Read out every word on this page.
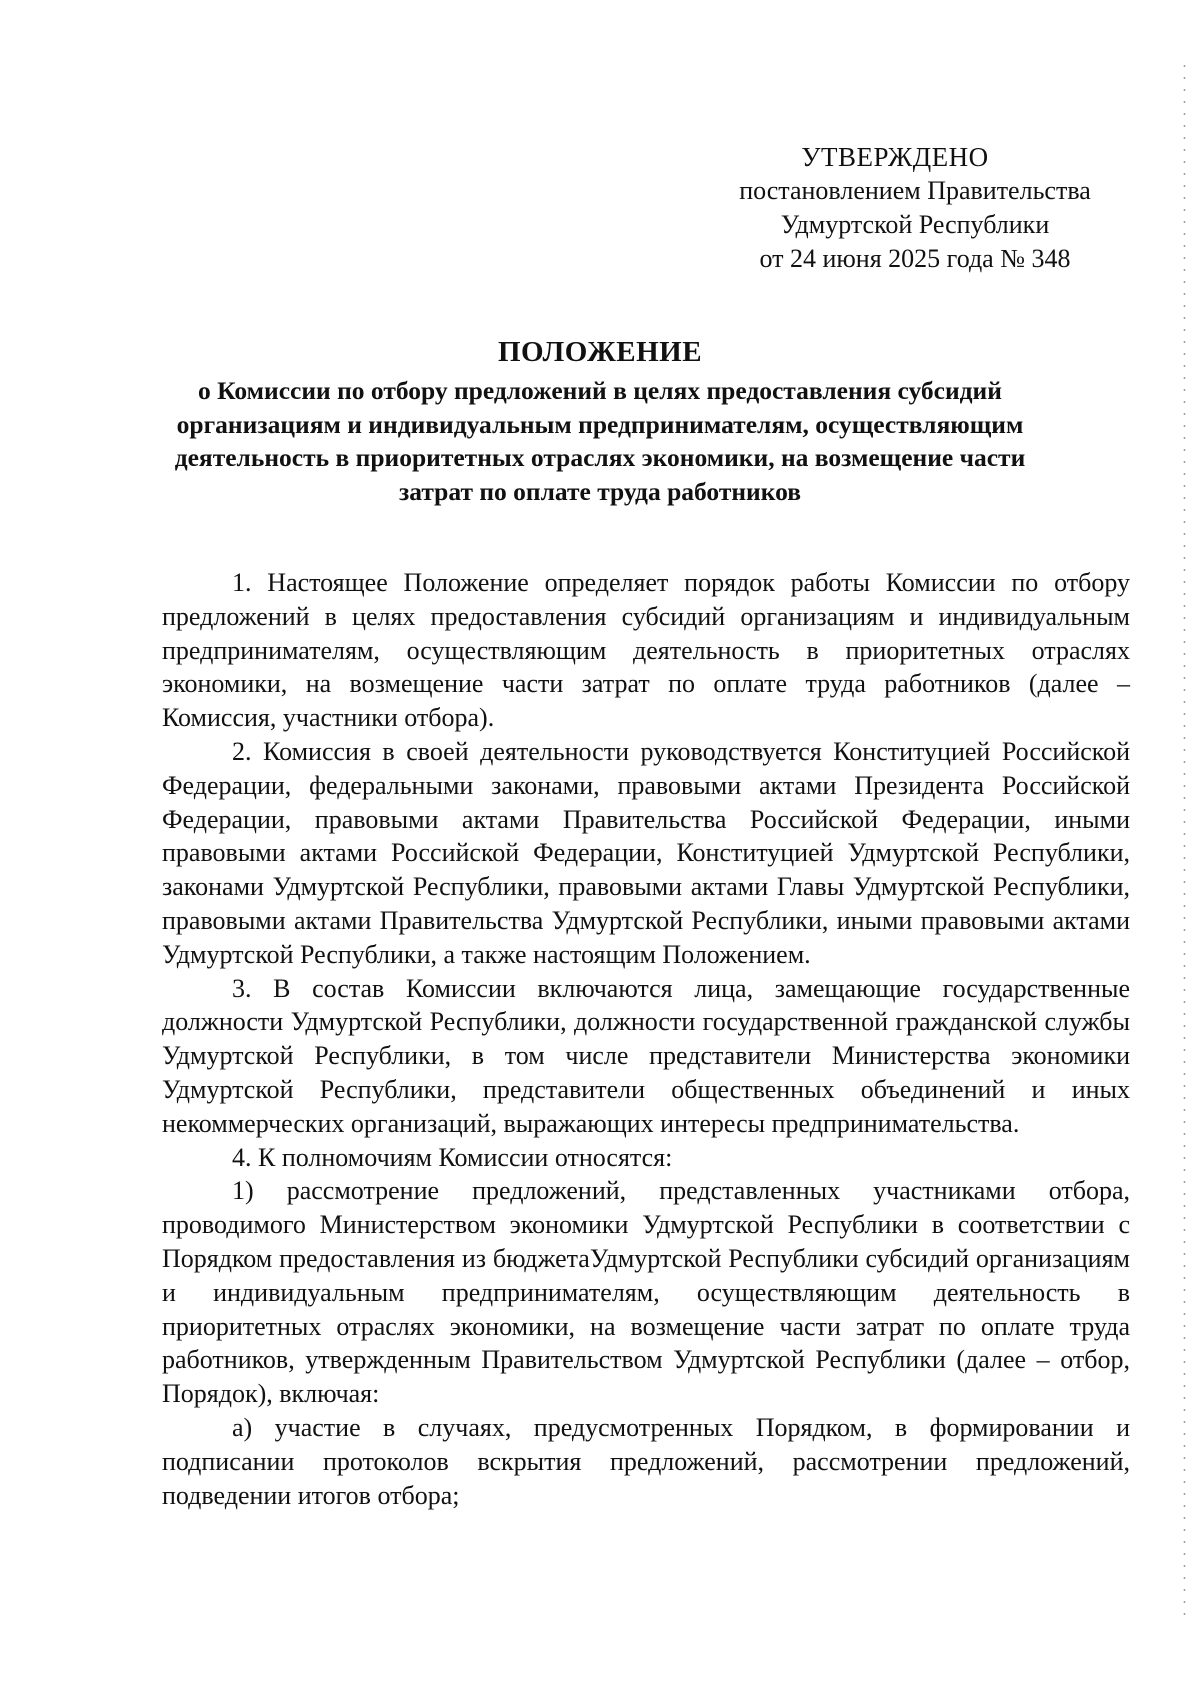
УТВЕРЖДЕНО
постановлением Правительства
Удмуртской Республики
от 24 июня 2025 года № 348
ПОЛОЖЕНИЕ
о Комиссии по отбору предложений в целях предоставления субсидий организациям и индивидуальным предпринимателям, осуществляющим деятельность в приоритетных отраслях экономики, на возмещение части затрат по оплате труда работников

1. Настоящее Положение определяет порядок работы Комиссии по отбору предложений в целях предоставления субсидий организациям и индивидуальным предпринимателям, осуществляющим деятельность в приоритетных отраслях экономики, на возмещение части затрат по оплате труда работников (далее – Комиссия, участники отбора).

2. Комиссия в своей деятельности руководствуется Конституцией Российской Федерации, федеральными законами, правовыми актами Президента Российской Федерации, правовыми актами Правительства Российской Федерации, иными правовыми актами Российской Федерации, Конституцией Удмуртской Республики, законами Удмуртской Республики, правовыми актами Главы Удмуртской Республики, правовыми актами Правительства Удмуртской Республики, иными правовыми актами Удмуртской Республики, а также настоящим Положением.

3. В состав Комиссии включаются лица, замещающие государственные должности Удмуртской Республики, должности государственной гражданской службы Удмуртской Республики, в том числе представители Министерства экономики Удмуртской Республики, представители общественных объединений и иных некоммерческих организаций, выражающих интересы предпринимательства.

4. К полномочиям Комиссии относятся:

1) рассмотрение предложений, представленных участниками отбора, проводимого Министерством экономики Удмуртской Республики в соответствии с Порядком предоставления из бюджетаУдмуртской Республики субсидий организациям и индивидуальным предпринимателям, осуществляющим деятельность в приоритетных отраслях экономики, на возмещение части затрат по оплате труда работников, утвержденным Правительством Удмуртской Республики (далее – отбор, Порядок), включая:

а) участие в случаях, предусмотренных Порядком, в формировании и подписании протоколов вскрытия предложений, рассмотрении предложений, подведении итогов отбора;
